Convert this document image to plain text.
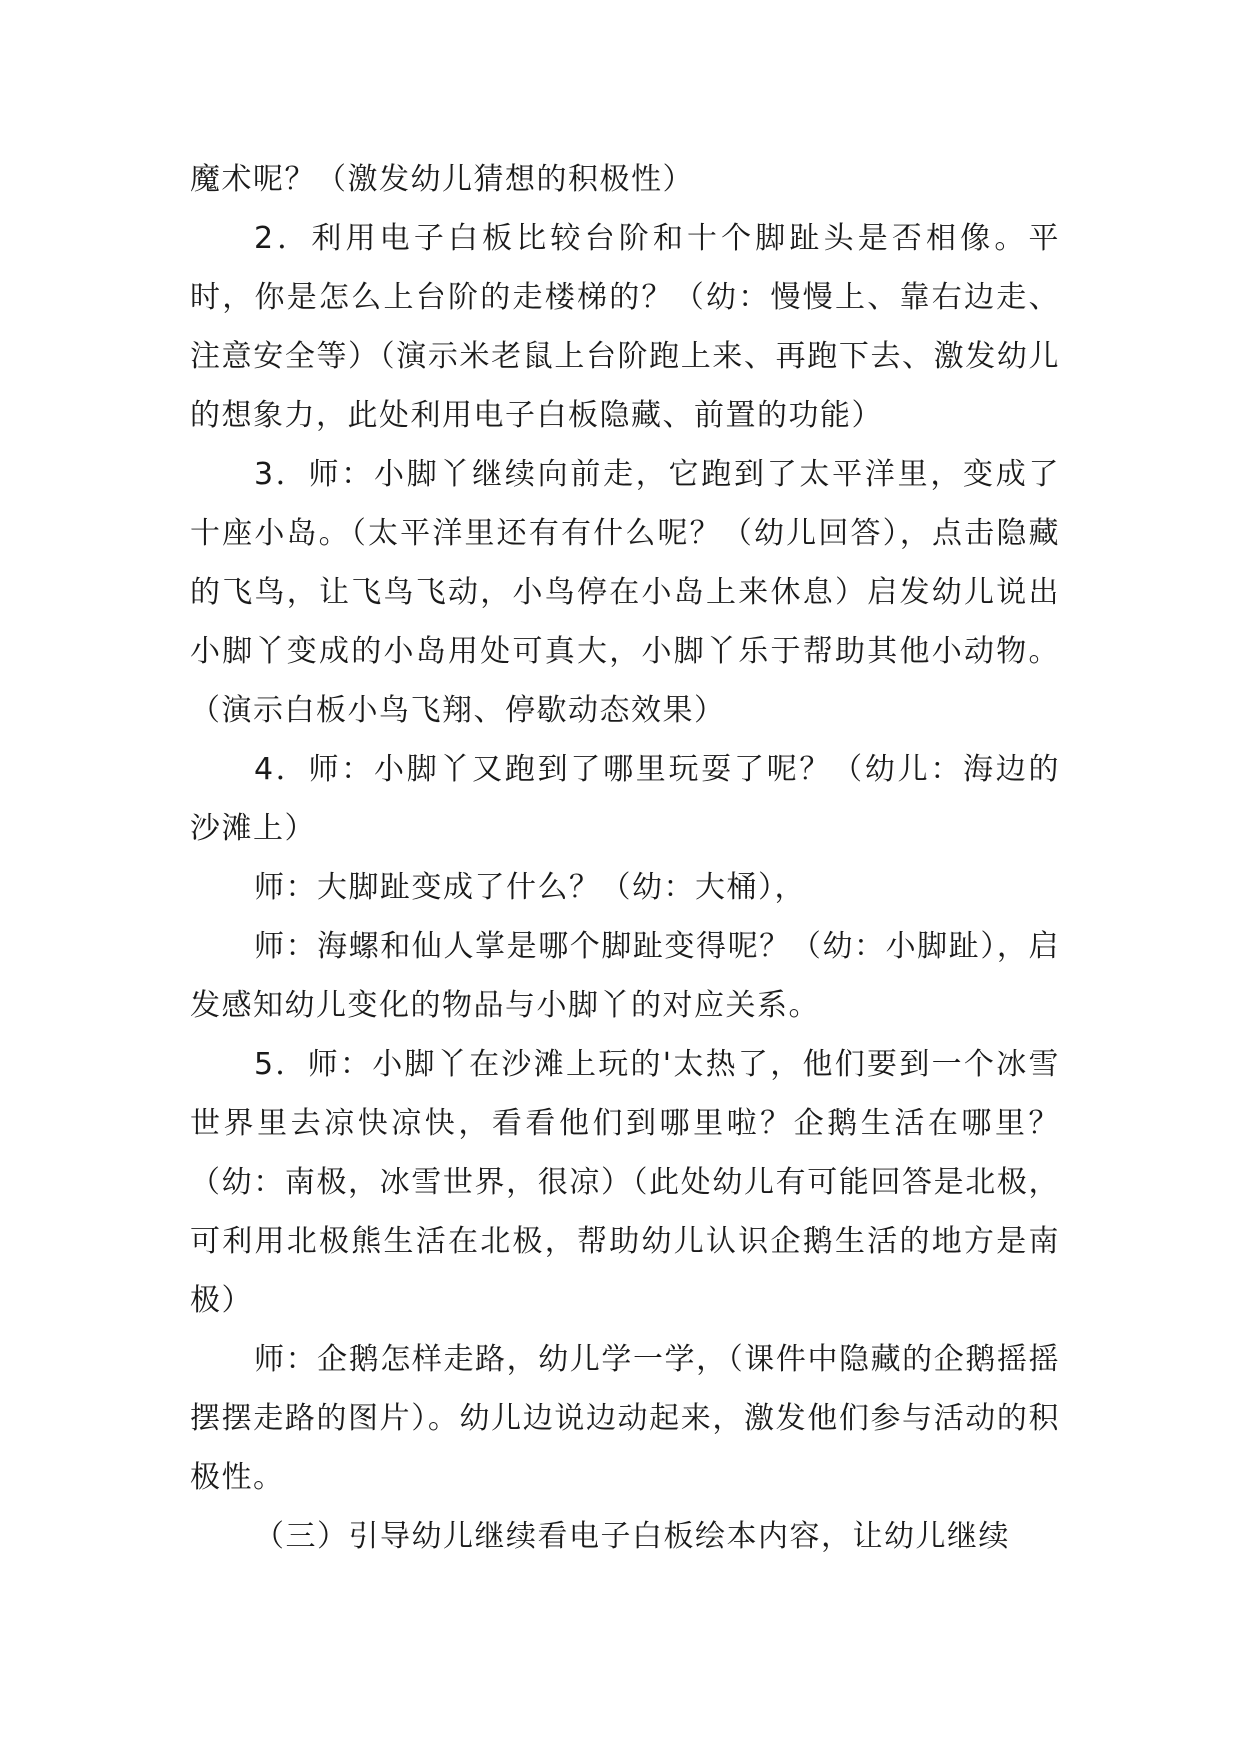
魔术呢？（激发幼儿猜想的积极性）

2．利用电子白板比较台阶和十个脚趾头是否相像。平时，你是怎么上台阶的走楼梯的？（幼：慢慢上、靠右边走、注意安全等）（演示米老鼠上台阶跑上来、再跑下去、激发幼儿的想象力，此处利用电子白板隐藏、前置的功能）

3．师：小脚丫继续向前走，它跑到了太平洋里，变成了十座小岛。（太平洋里还有有什么呢？（幼儿回答），点击隐藏的飞鸟，让飞鸟飞动，小鸟停在小岛上来休息）启发幼儿说出小脚丫变成的小岛用处可真大，小脚丫乐于帮助其他小动物。（演示白板小鸟飞翔、停歇动态效果）

4．师：小脚丫又跑到了哪里玩耍了呢？（幼儿：海边的沙滩上）

师：大脚趾变成了什么？（幼：大桶），

师：海螺和仙人掌是哪个脚趾变得呢？（幼：小脚趾），启发感知幼儿变化的物品与小脚丫的对应关系。

5．师：小脚丫在沙滩上玩的'太热了，他们要到一个冰雪世界里去凉快凉快，看看他们到哪里啦？企鹅生活在哪里？（幼：南极，冰雪世界，很凉）（此处幼儿有可能回答是北极，可利用北极熊生活在北极，帮助幼儿认识企鹅生活的地方是南极）

师：企鹅怎样走路，幼儿学一学，（课件中隐藏的企鹅摇摇摆摆走路的图片）。幼儿边说边动起来，激发他们参与活动的积极性。

（三）引导幼儿继续看电子白板绘本内容，让幼儿继续
